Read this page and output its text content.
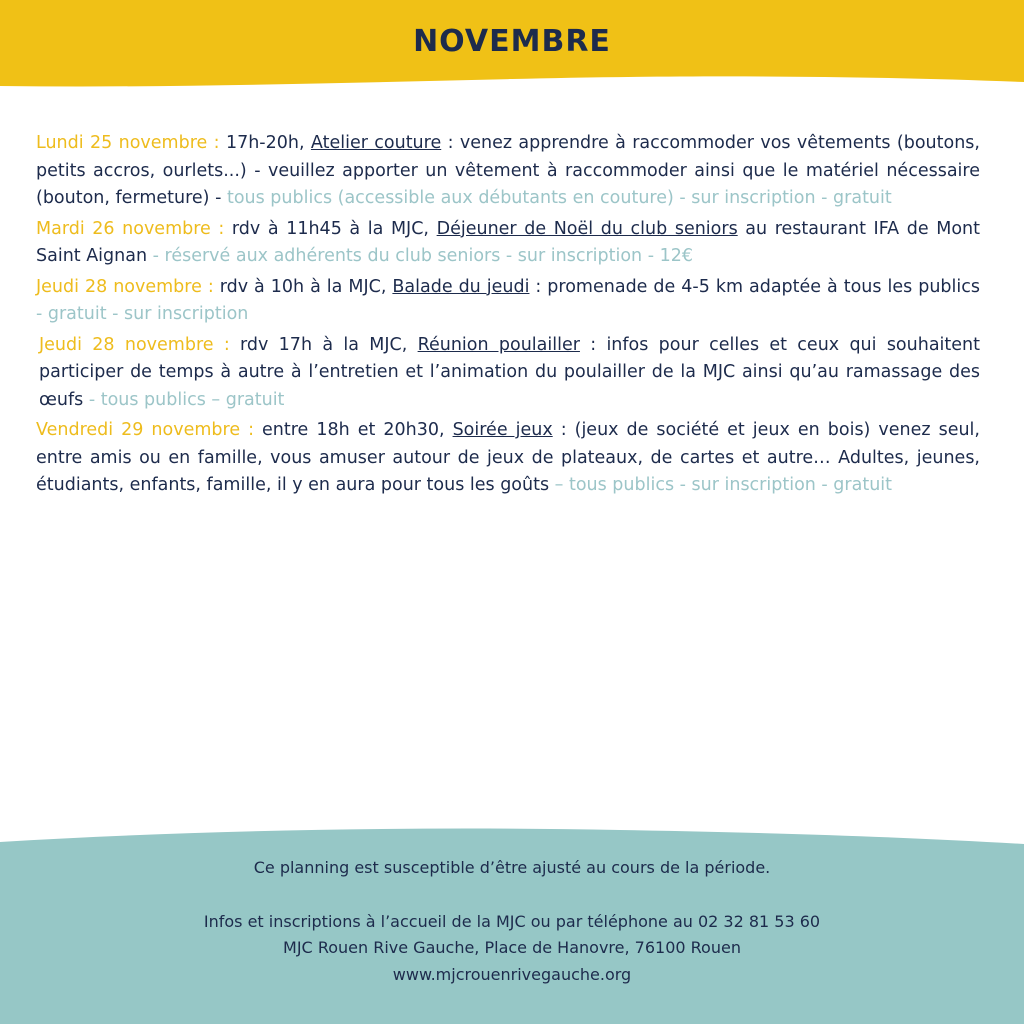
NOVEMBRE

Lundi 25 novembre : 17h-20h, Atelier couture : venez apprendre à raccommoder vos vêtements (boutons, petits accros, ourlets...) - veuillez apporter un vêtement à raccommoder ainsi que le matériel nécessaire (bouton, fermeture) - tous publics (accessible aux débutants en couture) - sur inscription - gratuit

Mardi 26 novembre : rdv à 11h45 à la MJC, Déjeuner de Noël du club seniors au restaurant IFA de Mont Saint Aignan - réservé aux adhérents du club seniors - sur inscription - 12€

Jeudi 28 novembre : rdv à 10h à la MJC, Balade du jeudi : promenade de 4-5 km adaptée à tous les publics - gratuit - sur inscription

Jeudi 28 novembre : rdv 17h à la MJC, Réunion poulailler : infos pour celles et ceux qui souhaitent participer de temps à autre à l’entretien et l’animation du poulailler de la MJC ainsi qu’au ramassage des œufs - tous publics – gratuit

Vendredi 29 novembre : entre 18h et 20h30, Soirée jeux : (jeux de société et jeux en bois) venez seul, entre amis ou en famille, vous amuser autour de jeux de plateaux, de cartes et autre… Adultes, jeunes, étudiants, enfants, famille, il y en aura pour tous les goûts – tous publics - sur inscription - gratuit

Ce planning est susceptible d’être ajusté au cours de la période.
Infos et inscriptions à l’accueil de la MJC ou par téléphone au 02 32 81 53 60
MJC Rouen Rive Gauche, Place de Hanovre, 76100 Rouen
www.mjcrouenrivegauche.org
